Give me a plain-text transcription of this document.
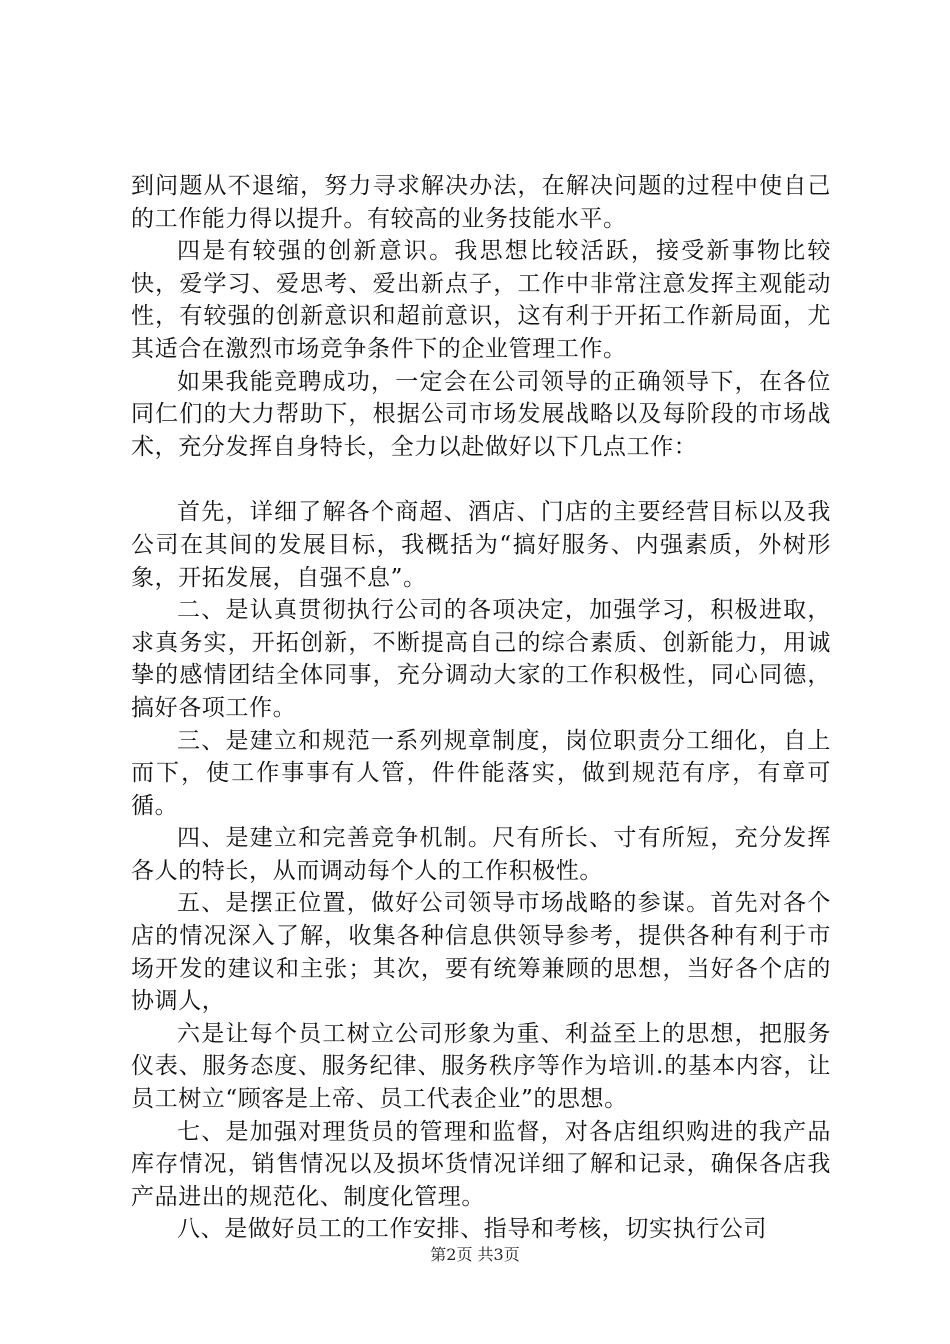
到问题从不退缩，努力寻求解决办法，在解决问题的过程中使自己的工作能力得以提升。有较高的业务技能水平。

四是有较强的创新意识。我思想比较活跃，接受新事物比较快，爱学习、爱思考、爱出新点子，工作中非常注意发挥主观能动性，有较强的创新意识和超前意识，这有利于开拓工作新局面，尤其适合在激烈市场竞争条件下的企业管理工作。

如果我能竞聘成功，一定会在公司领导的正确领导下，在各位同仁们的大力帮助下，根据公司市场发展战略以及每阶段的市场战术，充分发挥自身特长，全力以赴做好以下几点工作：

首先，详细了解各个商超、酒店、门店的主要经营目标以及我公司在其间的发展目标，我概括为“搞好服务、内强素质，外树形象，开拓发展，自强不息”。

二、是认真贯彻执行公司的各项决定，加强学习，积极进取，求真务实，开拓创新，不断提高自己的综合素质、创新能力，用诚挚的感情团结全体同事，充分调动大家的工作积极性，同心同德，搞好各项工作。

三、是建立和规范一系列规章制度，岗位职责分工细化，自上而下，使工作事事有人管，件件能落实，做到规范有序，有章可循。

四、是建立和完善竞争机制。尺有所长、寸有所短，充分发挥各人的特长，从而调动每个人的工作积极性。

五、是摆正位置，做好公司领导市场战略的参谋。首先对各个店的情况深入了解，收集各种信息供领导参考，提供各种有利于市场开发的建议和主张；其次，要有统筹兼顾的思想，当好各个店的协调人，

六是让每个员工树立公司形象为重、利益至上的思想，把服务仪表、服务态度、服务纪律、服务秩序等作为培训.的基本内容，让员工树立“顾客是上帝、员工代表企业”的思想。

七、是加强对理货员的管理和监督，对各店组织购进的我产品库存情况，销售情况以及损坏货情况详细了解和记录，确保各店我产品进出的规范化、制度化管理。

八、是做好员工的工作安排、指导和考核，切实执行公司

第2页 共3页
